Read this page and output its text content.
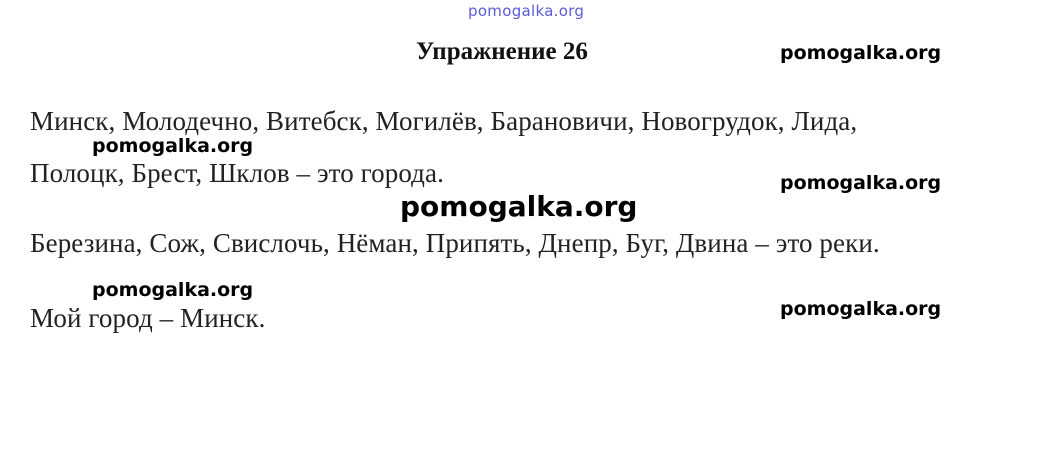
pomogalka.org
Упражнение 26
Минск, Молодечно, Витебск, Могилёв, Барановичи, Новогрудок, Лида,
Полоцк, Брест, Шклов – это города.
Березина, Сож, Свислочь, Нёман, Припять, Днепр, Буг, Двина – это реки.
Мой город – Минск.
pomogalka.org
pomogalka.org
pomogalka.org
pomogalka.org
pomogalka.org
pomogalka.org
